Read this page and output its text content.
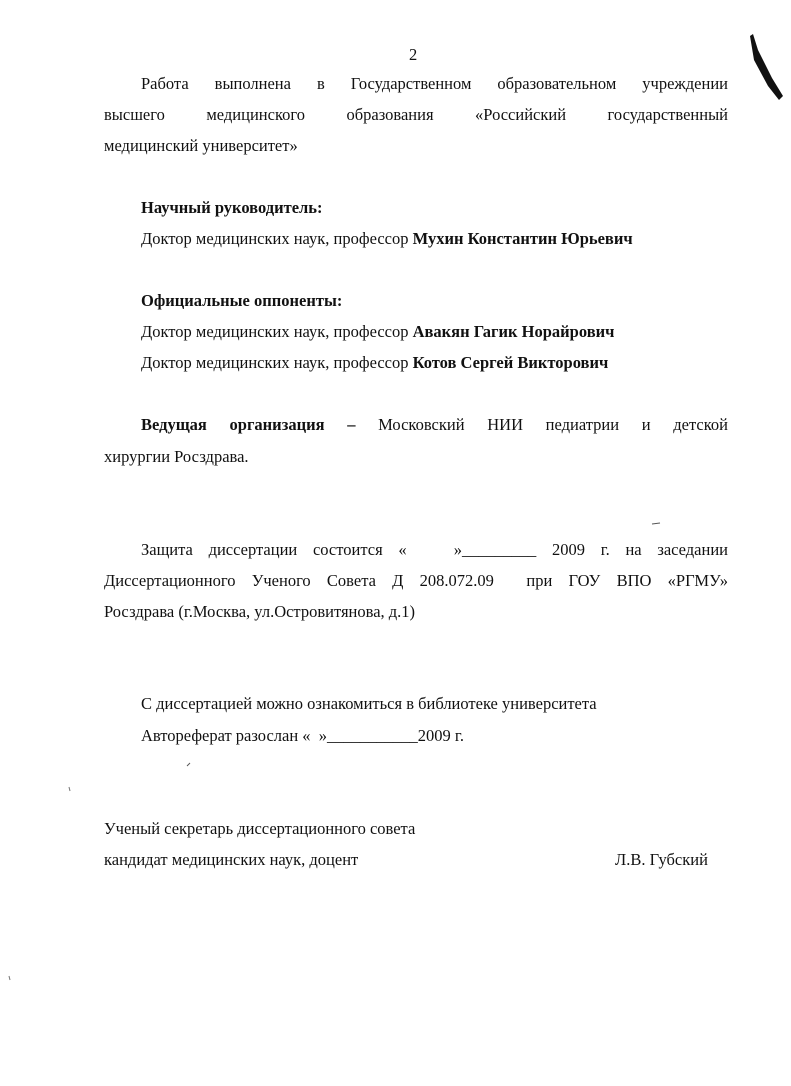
2
Работа выполнена в Государственном образовательном учреждении
высшего медицинского образования «Российский государственный
медицинский университет»
Научный руководитель:
Доктор медицинских наук, профессор Мухин Константин Юрьевич
Официальные оппоненты:
Доктор медицинских наук, профессор Авакян Гагик Норайрович
Доктор медицинских наук, профессор Котов Сергей Викторович
Ведущая организация – Московский НИИ педиатрии и детской
хирургии Росздрава.
Защита диссертации состоится «   »_________ 2009 г. на заседании
Диссертационного Ученого Совета Д 208.072.09  при ГОУ ВПО «РГМУ»
Росздрава (г.Москва, ул.Островитянова, д.1)
С диссертацией можно ознакомиться в библиотеке университета
Автореферат разослан «  »___________2009 г.
Ученый секретарь диссертационного совета
кандидат медицинских наук, доцент	Л.В. Губский
